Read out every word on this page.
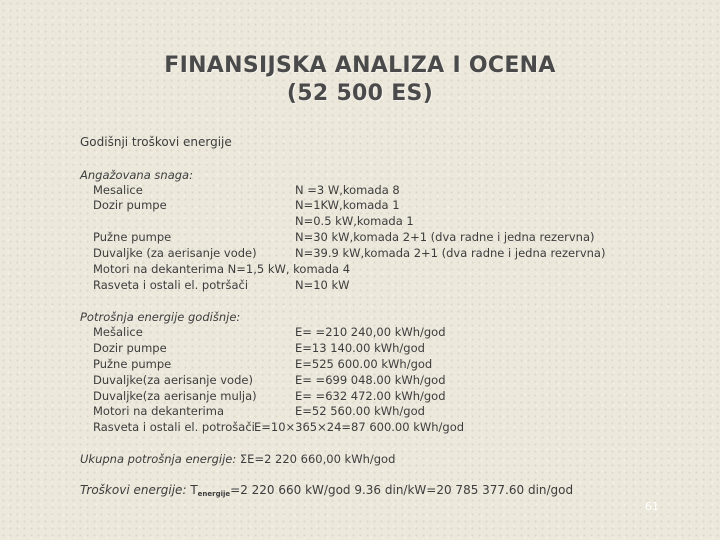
FINANSIJSKA ANALIZA I OCENA
(52 500 ES)
Godišnji troškovi energije
Angažovana snaga:
Mesalice	N =3 W,komada 8
Dozir pumpe	N=1KW,komada 1
N=0.5 kW,komada 1
Pužne pumpe	N=30 kW,komada 2+1 (dva radne i jedna rezervna)
Duvaljke (za aerisanje vode)	N=39.9 kW,komada 2+1 (dva radne i jedna rezervna)
Motori na dekanterima N=1,5 kW, komada 4
Rasveta i ostali el. potršači	N=10 kW
Potrošnja energije godišnje:
Mešalice	E= =210 240,00 kWh/god
Dozir pumpe	E=13 140.00 kWh/god
Pužne pumpe	E=525 600.00 kWh/god
Duvaljke(za aerisanje vode)	E= =699 048.00 kWh/god
Duvaljke(za aerisanje mulja)	E= =632 472.00 kWh/god
Motori na dekanterima	E=52 560.00 kWh/god
Rasveta i ostali el. potrošači E=10×365×24=87 600.00 kWh/god
Ukupna potrošnja energije: ΣE=2 220 660,00 kWh/god
Troškovi energije: $T_{energije}=2$ 220 660 kW/god 9.36 din/kW=20 785 377.60 din/god
61
